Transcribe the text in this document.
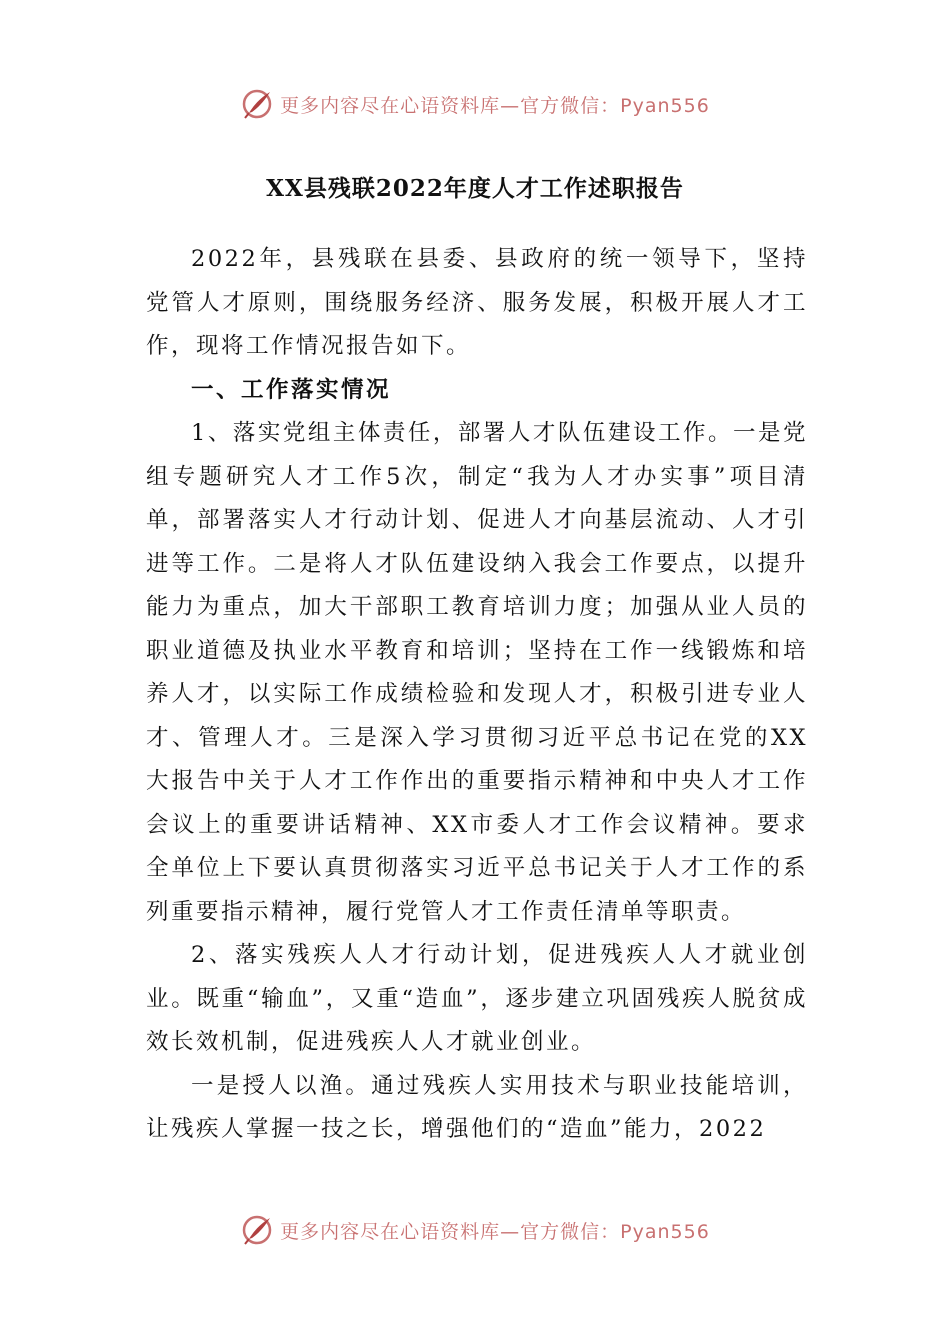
更多内容尽在心语资料库—官方微信：Pyan556
XX县残联2022年度人才工作述职报告

2022年，县残联在县委、县政府的统一领导下，坚持党管人才原则，围绕服务经济、服务发展，积极开展人才工作，现将工作情况报告如下。

一、工作落实情况

1、落实党组主体责任，部署人才队伍建设工作。一是党组专题研究人才工作5次，制定“我为人才办实事”项目清单，部署落实人才行动计划、促进人才向基层流动、人才引进等工作。二是将人才队伍建设纳入我会工作要点，以提升能力为重点，加大干部职工教育培训力度；加强从业人员的职业道德及执业水平教育和培训；坚持在工作一线锻炼和培养人才，以实际工作成绩检验和发现人才，积极引进专业人才、管理人才。三是深入学习贯彻习近平总书记在党的XX大报告中关于人才工作作出的重要指示精神和中央人才工作会议上的重要讲话精神、XX市委人才工作会议精神。要求全单位上下要认真贯彻落实习近平总书记关于人才工作的系列重要指示精神，履行党管人才工作责任清单等职责。

2、落实残疾人人才行动计划，促进残疾人人才就业创业。既重“输血”，又重“造血”，逐步建立巩固残疾人脱贫成效长效机制，促进残疾人人才就业创业。

一是授人以渔。通过残疾人实用技术与职业技能培训，让残疾人掌握一技之长，增强他们的“造血”能力，2022

更多内容尽在心语资料库—官方微信：Pyan556
